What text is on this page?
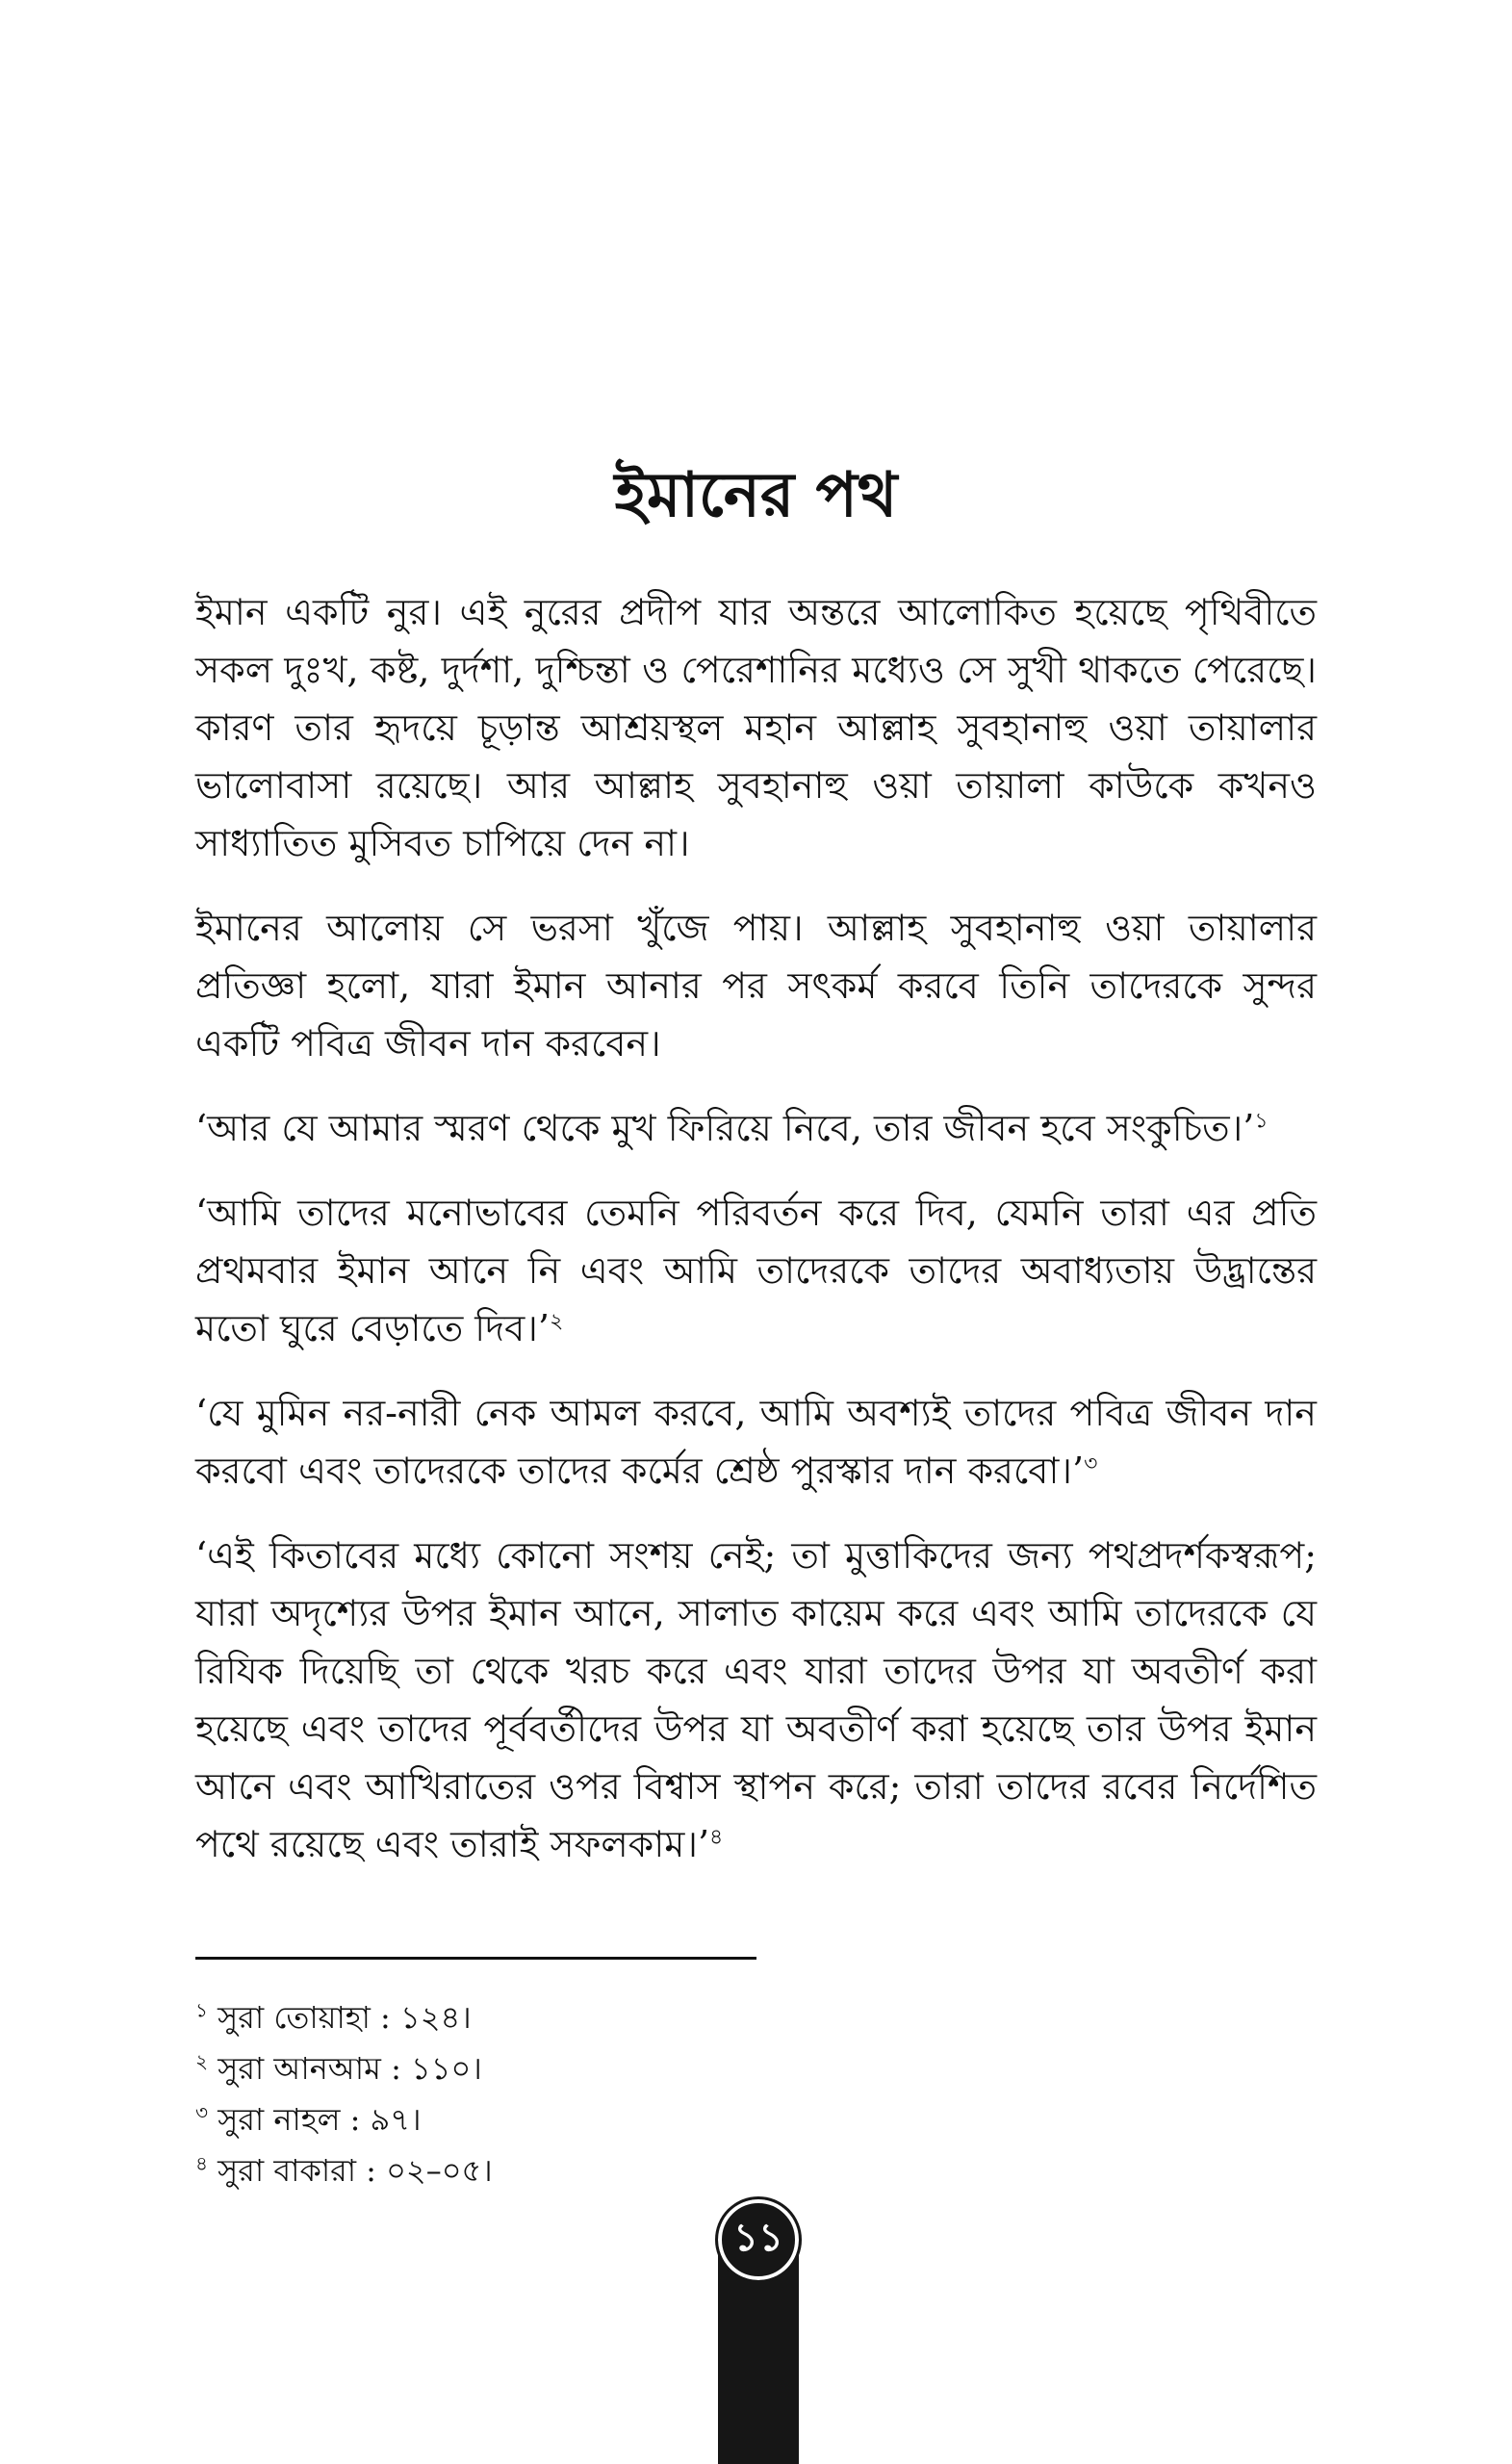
ইমানের পথ

ইমান একটি নুর। এই নুরের প্রদীপ যার অন্তরে আলোকিত হয়েছে পৃথিবীতে সকল দুঃখ, কষ্ট, দুর্দশা, দুশ্চিন্তা ও পেরেশানির মধ্যেও সে সুখী থাকতে পেরেছে। কারণ তার হৃদয়ে চূড়ান্ত আশ্রয়স্থল মহান আল্লাহ সুবহানাহু ওয়া তায়ালার ভালোবাসা রয়েছে। আর আল্লাহ সুবহানাহু ওয়া তায়ালা কাউকে কখনও সাধ্যাতিত মুসিবত চাপিয়ে দেন না।

ইমানের আলোয় সে ভরসা খুঁজে পায়। আল্লাহ সুবহানাহু ওয়া তায়ালার প্রতিজ্ঞা হলো, যারা ইমান আনার পর সৎকর্ম করবে তিনি তাদেরকে সুন্দর একটি পবিত্র জীবন দান করবেন।

‘আর যে আমার স্মরণ থেকে মুখ ফিরিয়ে নিবে, তার জীবন হবে সংকুচিত।’$^১$

‘আমি তাদের মনোভাবের তেমনি পরিবর্তন করে দিব, যেমনি তারা এর প্রতি প্রথমবার ইমান আনে নি এবং আমি তাদেরকে তাদের অবাধ্যতায় উদ্ভ্রান্তের মতো ঘুরে বেড়াতে দিব।’$^২$

‘যে মুমিন নর-নারী নেক আমল করবে, আমি অবশ্যই তাদের পবিত্র জীবন দান করবো এবং তাদেরকে তাদের কর্মের শ্রেষ্ঠ পুরস্কার দান করবো।’$^৩$

‘এই কিতাবের মধ্যে কোনো সংশয় নেই; তা মুত্তাকিদের জন্য পথপ্রদর্শকস্বরূপ; যারা অদৃশ্যের উপর ইমান আনে, সালাত কায়েম করে এবং আমি তাদেরকে যে রিযিক দিয়েছি তা থেকে খরচ করে এবং যারা তাদের উপর যা অবতীর্ণ করা হয়েছে এবং তাদের পূর্ববর্তীদের উপর যা অবতীর্ণ করা হয়েছে তার উপর ইমান আনে এবং আখিরাতের ওপর বিশ্বাস স্থাপন করে; তারা তাদের রবের নির্দেশিত পথে রয়েছে এবং তারাই সফলকাম।’$^৪$

$^১$ সুরা তোয়াহা : ১২৪।

$^২$ সুরা আনআম : ১১০।

$^৩$ সুরা নাহল : ৯৭।

$^৪$ সুরা বাকারা : ০২–০৫।

১১
